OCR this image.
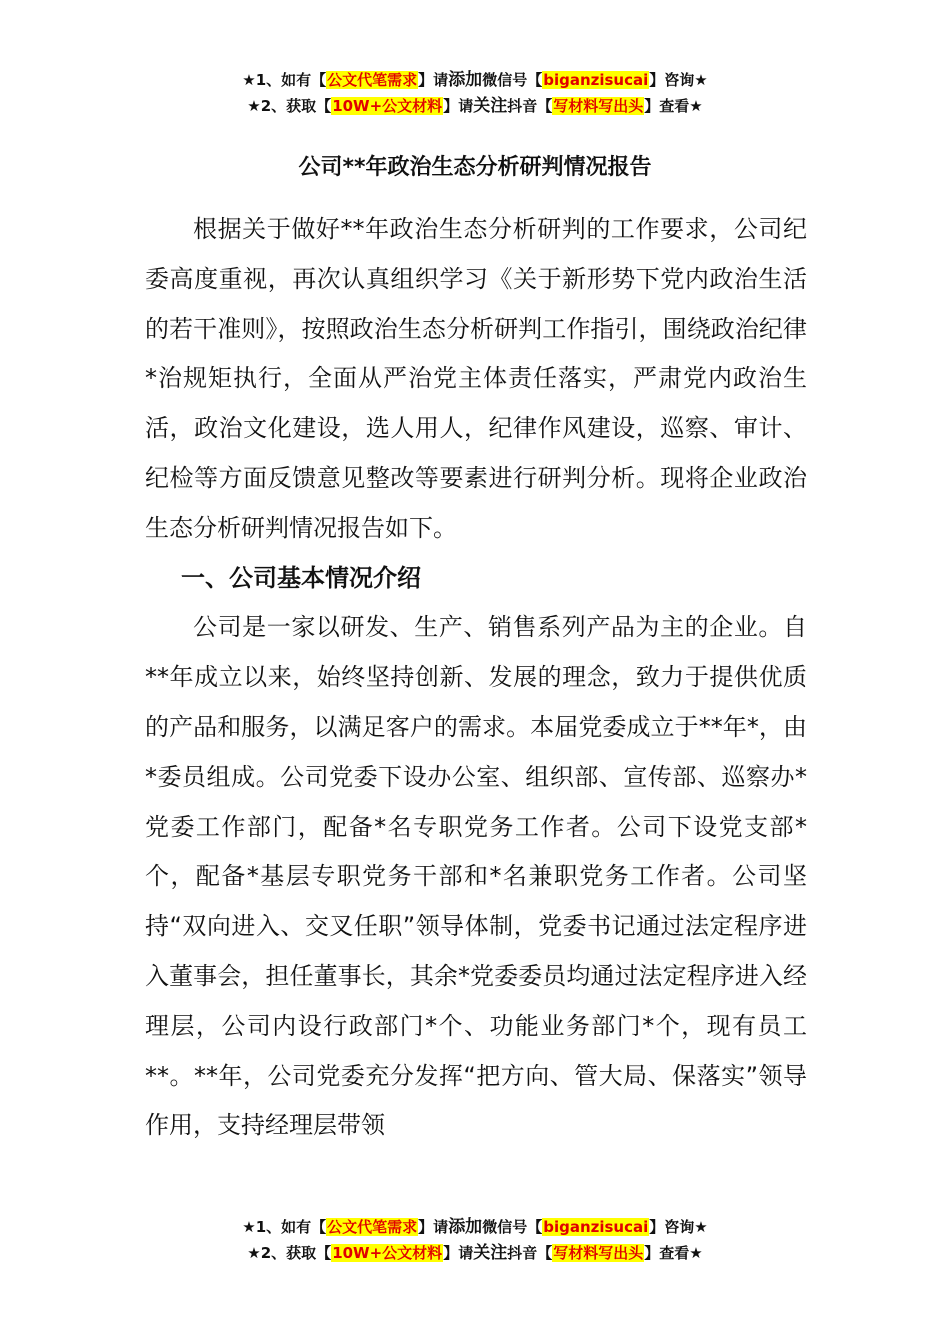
★1、如有【公文代笔需求】请添加微信号【biganzisucai】咨询★
★2、获取【10W+公文材料】请关注抖音【写材料写出头】查看★
公司**年政治生态分析研判情况报告

根据关于做好**年政治生态分析研判的工作要求，公司纪委高度重视，再次认真组织学习《关于新形势下党内政治生活的若干准则》，按照政治生态分析研判工作指引，围绕政治纪律*治规矩执行，全面从严治党主体责任落实，严肃党内政治生活，政治文化建设，选人用人，纪律作风建设，巡察、审计、纪检等方面反馈意见整改等要素进行研判分析。现将企业政治生态分析研判情况报告如下。

一、公司基本情况介绍

公司是一家以研发、生产、销售系列产品为主的企业。自**年成立以来，始终坚持创新、发展的理念，致力于提供优质的产品和服务，以满足客户的需求。本届党委成立于**年*，由*委员组成。公司党委下设办公室、组织部、宣传部、巡察办*党委工作部门，配备*名专职党务工作者。公司下设党支部*个，配备*基层专职党务干部和*名兼职党务工作者。公司坚持“双向进入、交叉任职”领导体制，党委书记通过法定程序进入董事会，担任董事长，其余*党委委员均通过法定程序进入经理层，公司内设行政部门*个、功能业务部门*个，现有员工**。**年，公司党委充分发挥“把方向、管大局、保落实”领导作用，支持经理层带领

★1、如有【公文代笔需求】请添加微信号【biganzisucai】咨询★
★2、获取【10W+公文材料】请关注抖音【写材料写出头】查看★
